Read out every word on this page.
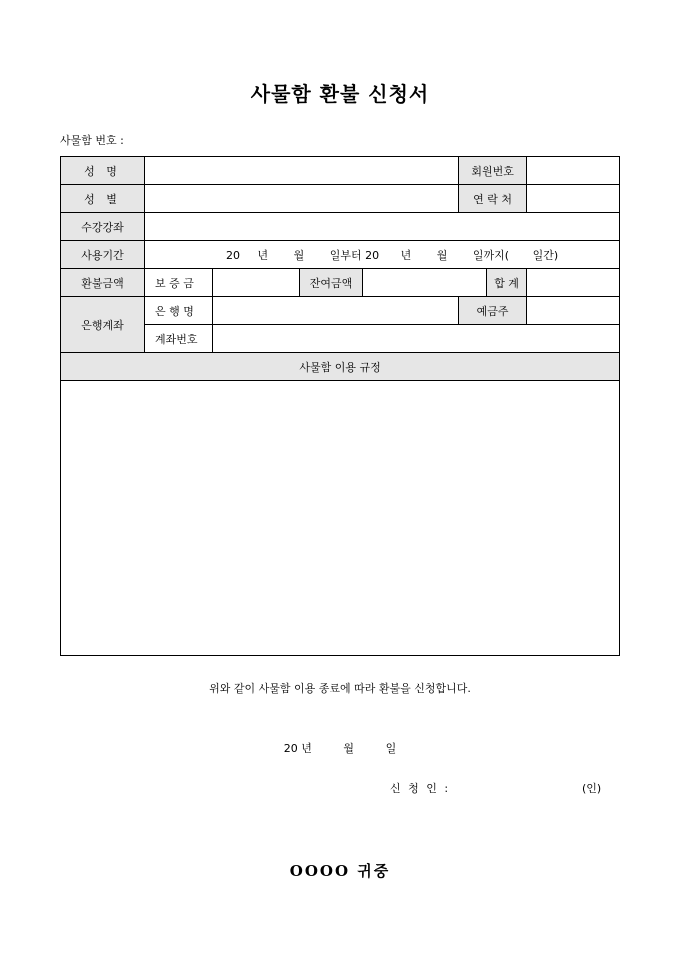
사물함 환불 신청서
사물함 번호 :
성 명					회원번호		
성 별					연 락 처		
수강강좌							
사용기간	20 년 월 일부터 20 년 월 일까지( 일간)						
환불금액	보 증 금		잔여금액			합 계	
은행계좌	은 행 명				예금주		
	계좌번호						
사물함 이용 규정							

위와 같이 사물함 이용 종료에 따라 환불을 신청합니다.
20 년	월	일
신 청 인 :	(인)
OOOO 귀중
